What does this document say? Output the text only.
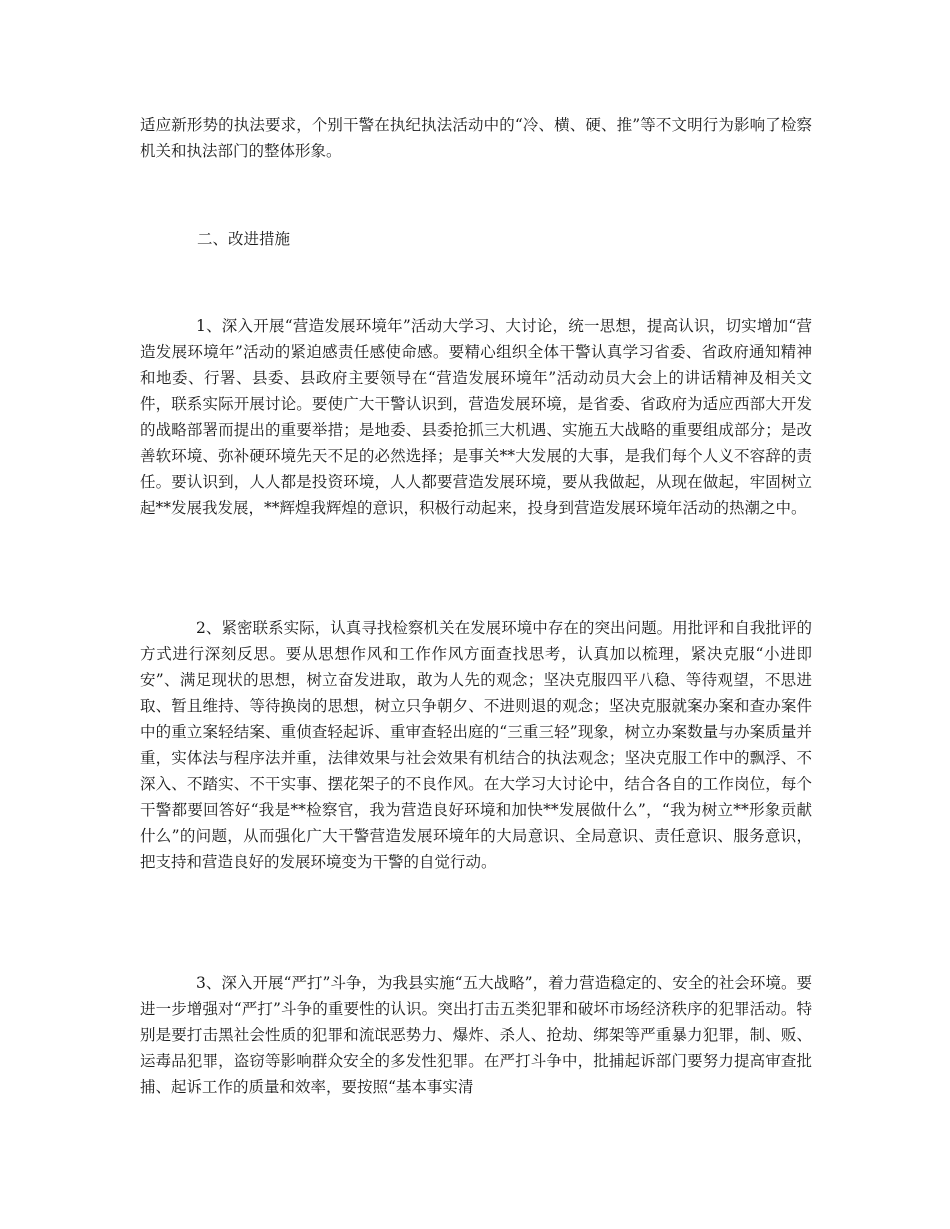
适应新形势的执法要求，个别干警在执纪执法活动中的“冷、横、硬、推”等不文明行为影响了检察机关和执法部门的整体形象。

二、改进措施

1、深入开展“营造发展环境年”活动大学习、大讨论，统一思想，提高认识，切实增加“营造发展环境年”活动的紧迫感责任感使命感。要精心组织全体干警认真学习省委、省政府通知精神和地委、行署、县委、县政府主要领导在“营造发展环境年”活动动员大会上的讲话精神及相关文件，联系实际开展讨论。要使广大干警认识到，营造发展环境，是省委、省政府为适应西部大开发的战略部署而提出的重要举措；是地委、县委抢抓三大机遇、实施五大战略的重要组成部分；是改善软环境、弥补硬环境先天不足的必然选择；是事关**大发展的大事，是我们每个人义不容辞的责任。要认识到，人人都是投资环境，人人都要营造发展环境，要从我做起，从现在做起，牢固树立起**发展我发展，**辉煌我辉煌的意识，积极行动起来，投身到营造发展环境年活动的热潮之中。

2、紧密联系实际，认真寻找检察机关在发展环境中存在的突出问题。用批评和自我批评的方式进行深刻反思。要从思想作风和工作作风方面查找思考，认真加以梳理，紧决克服“小进即安”、满足现状的思想，树立奋发进取，敢为人先的观念；坚决克服四平八稳、等待观望，不思进取、暂且维持、等待换岗的思想，树立只争朝夕、不进则退的观念；坚决克服就案办案和查办案件中的重立案轻结案、重侦查轻起诉、重审查轻出庭的“三重三轻”现象，树立办案数量与办案质量并重，实体法与程序法并重，法律效果与社会效果有机结合的执法观念；坚决克服工作中的飘浮、不深入、不踏实、不干实事、摆花架子的不良作风。在大学习大讨论中，结合各自的工作岗位，每个干警都要回答好“我是**检察官，我为营造良好环境和加快**发展做什么”，“我为树立**形象贡献什么”的问题，从而强化广大干警营造发展环境年的大局意识、全局意识、责任意识、服务意识，把支持和营造良好的发展环境变为干警的自觉行动。

3、深入开展“严打”斗争，为我县实施“五大战略”，着力营造稳定的、安全的社会环境。要进一步增强对“严打”斗争的重要性的认识。突出打击五类犯罪和破坏市场经济秩序的犯罪活动。特别是要打击黑社会性质的犯罪和流氓恶势力、爆炸、杀人、抢劫、绑架等严重暴力犯罪，制、贩、运毒品犯罪，盗窃等影响群众安全的多发性犯罪。在严打斗争中，批捕起诉部门要努力提高审查批捕、起诉工作的质量和效率，要按照“基本事实清
